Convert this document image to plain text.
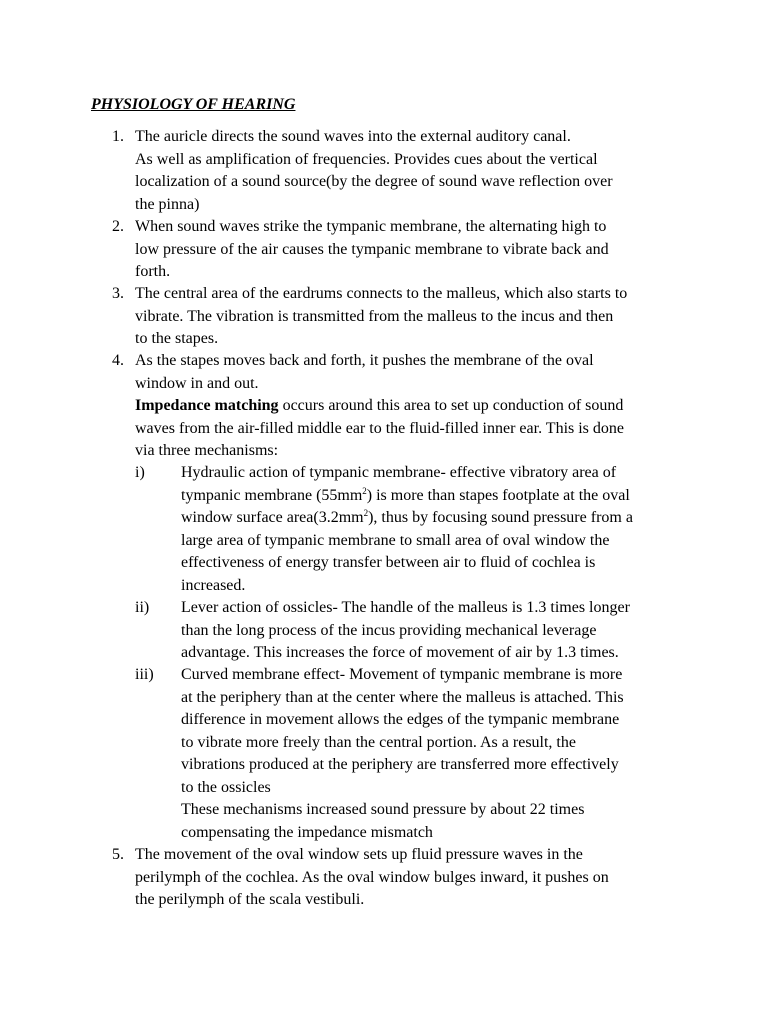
PHYSIOLOGY OF HEARING
1. The auricle directs the sound waves into the external auditory canal.
As well as amplification of frequencies. Provides cues about the vertical
localization of a sound source(by the degree of sound wave reflection over
the pinna)
2. When sound waves strike the tympanic membrane, the alternating high to
low pressure of the air causes the tympanic membrane to vibrate back and
forth.
3. The central area of the eardrums connects to the malleus, which also starts to
vibrate. The vibration is transmitted from the malleus to the incus and then
to the stapes.
4. As the stapes moves back and forth, it pushes the membrane of the oval
window in and out.
Impedance matching occurs around this area to set up conduction of sound
waves from the air-filled middle ear to the fluid-filled inner ear. This is done
via three mechanisms:
i) Hydraulic action of tympanic membrane- effective vibratory area of
tympanic membrane $(55mm^2)$ is more than stapes footplate at the oval
window surface $area(3.2mm^2)$, thus by focusing sound pressure from a
large area of tympanic membrane to small area of oval window the
effectiveness of energy transfer between air to fluid of cochlea is
increased.
ii) Lever action of ossicles- The handle of the malleus is 1.3 times longer
than the long process of the incus providing mechanical leverage
advantage. This increases the force of movement of air by 1.3 times.
iii) Curved membrane effect- Movement of tympanic membrane is more
at the periphery than at the center where the malleus is attached. This
difference in movement allows the edges of the tympanic membrane
to vibrate more freely than the central portion. As a result, the
vibrations produced at the periphery are transferred more effectively
to the ossicles
These mechanisms increased sound pressure by about 22 times
compensating the impedance mismatch
5. The movement of the oval window sets up fluid pressure waves in the
perilymph of the cochlea. As the oval window bulges inward, it pushes on
the perilymph of the scala vestibuli.
